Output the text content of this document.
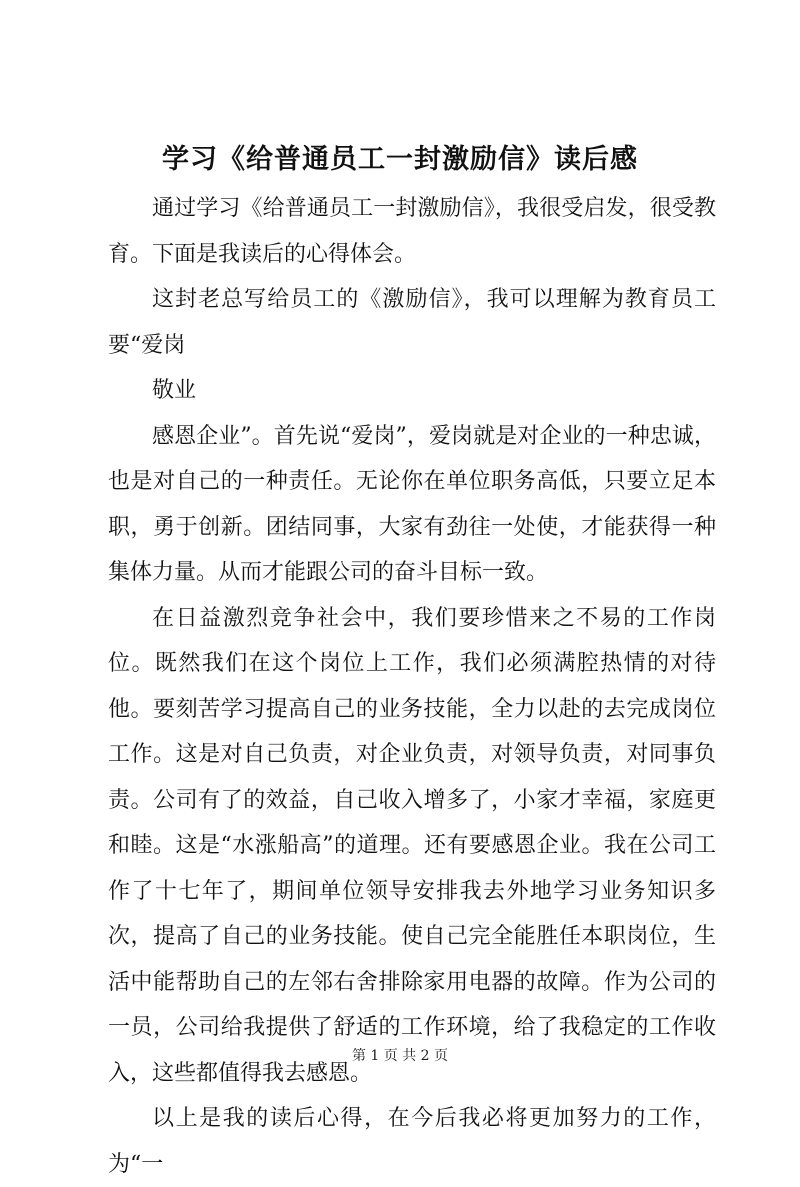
学习《给普通员工一封激励信》读后感

通过学习《给普通员工一封激励信》，我很受启发，很受教育。下面是我读后的心得体会。

这封老总写给员工的《激励信》，我可以理解为教育员工要“爱岗

敬业

感恩企业”。首先说“爱岗”，爱岗就是对企业的一种忠诚，也是对自己的一种责任。无论你在单位职务高低，只要立足本职，勇于创新。团结同事，大家有劲往一处使，才能获得一种集体力量。从而才能跟公司的奋斗目标一致。

在日益激烈竞争社会中，我们要珍惜来之不易的工作岗位。既然我们在这个岗位上工作，我们必须满腔热情的对待他。要刻苦学习提高自己的业务技能，全力以赴的去完成岗位工作。这是对自己负责，对企业负责，对领导负责，对同事负责。公司有了的效益，自己收入增多了，小家才幸福，家庭更和睦。这是“水涨船高”的道理。还有要感恩企业。我在公司工作了十七年了，期间单位领导安排我去外地学习业务知识多次，提高了自己的业务技能。使自己完全能胜任本职岗位，生活中能帮助自己的左邻右舍排除家用电器的故障。作为公司的一员，公司给我提供了舒适的工作环境，给了我稳定的工作收入，这些都值得我去感恩。

以上是我的读后心得，在今后我必将更加努力的工作，为“一

第 1 页 共 2 页
